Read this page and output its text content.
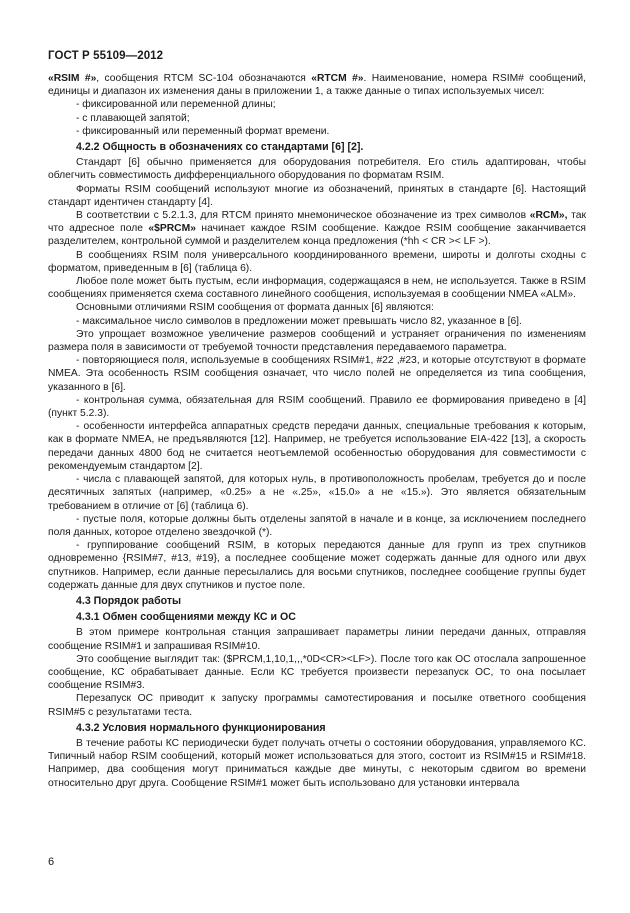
ГОСТ Р 55109—2012

«RSIM #», сообщения RTCM SC-104 обозначаются «RTCM #». Наименование, номера RSIM# сообщений, единицы и диапазон их изменения даны в приложении 1, а также данные о типах используемых чисел:

- фиксированной или переменной длины;

- с плавающей запятой;

- фиксированный или переменный формат времени.

4.2.2 Общность в обозначениях со стандартами [6] [2].

Стандарт [6] обычно применяется для оборудования потребителя. Его стиль адаптирован, чтобы облегчить совместимость дифференциального оборудования по форматам RSIM.

Форматы RSIM сообщений используют многие из обозначений, принятых в стандарте [6]. Настоящий стандарт идентичен стандарту [4].

В соответствии с 5.2.1.3, для RTCM принято мнемоническое обозначение из трех символов «RCM», так что адресное поле «$PRCM» начинает каждое RSIM сообщение. Каждое RSIM сообщение заканчивается разделителем, контрольной суммой и разделителем конца предложения (*hh < CR >< LF >).

В сообщениях RSIM поля универсального координированного времени, широты и долготы сходны с форматом, приведенным в [6] (таблица 6).

Любое поле может быть пустым, если информация, содержащаяся в нем, не используется. Также в RSIM сообщениях применяется схема составного линейного сообщения, используемая в сообщении NMEA «ALM».

Основными отличиями RSIM сообщения от формата данных [6] являются:

- максимальное число символов в предложении может превышать число 82, указанное в [6].

Это упрощает возможное увеличение размеров сообщений и устраняет ограничения по изменениям размера поля в зависимости от требуемой точности представления передаваемого параметра.

- повторяющиеся поля, используемые в сообщениях RSIM#1, #22 ,#23, и которые отсутствуют в формате NMEA. Эта особенность RSIM сообщения означает, что число полей не определяется из типа сообщения, указанного в [6].

- контрольная сумма, обязательная для RSIM сообщений. Правило ее формирования приведено в [4] (пункт 5.2.3).

- особенности интерфейса аппаратных средств передачи данных, специальные требования к которым, как в формате NMEA, не предъявляются [12]. Например, не требуется использование EIA-422 [13], а скорость передачи данных 4800 бод не считается неотъемлемой особенностью оборудования для совместимости с рекомендуемым стандартом [2].

- числа с плавающей запятой, для которых нуль, в противоположность пробелам, требуется до и после десятичных запятых (например, «0.25» а не «.25», «15.0» а не «15.»). Это является обязательным требованием в отличие от [6] (таблица 6).

- пустые поля, которые должны быть отделены запятой в начале и в конце, за исключением последнего поля данных, которое отделено звездочкой (*).

- группирование сообщений RSIM, в которых передаются данные для групп из трех спутников одновременно {RSIM#7, #13, #19}, а последнее сообщение может содержать данные для одного или двух спутников. Например, если данные пересылались для восьми спутников, последнее сообщение группы будет содержать данные для двух спутников и пустое поле.

4.3 Порядок работы

4.3.1 Обмен сообщениями между КС и ОС

В этом примере контрольная станция запрашивает параметры линии передачи данных, отправляя сообщение RSIM#1 и запрашивая RSIM#10.

Это сообщение выглядит так: ($PRCM,1,10,1,,,*0D<CR><LF>). После того как ОС отослала запрошенное сообщение, КС обрабатывает данные. Если КС требуется произвести перезапуск ОС, то она посылает сообщение RSIM#3.

Перезапуск ОС приводит к запуску программы самотестирования и посылке ответного сообщения RSIM#5 с результатами теста.

4.3.2 Условия нормального функционирования

В течение работы КС периодически будет получать отчеты о состоянии оборудования, управляемого КС. Типичный набор RSIM сообщений, который может использоваться для этого, состоит из RSIM#15 и RSIM#18. Например, два сообщения могут приниматься каждые две минуты, с некоторым сдвигом во времени относительно друг друга. Сообщение RSIM#1 может быть использовано для установки интервала

6
